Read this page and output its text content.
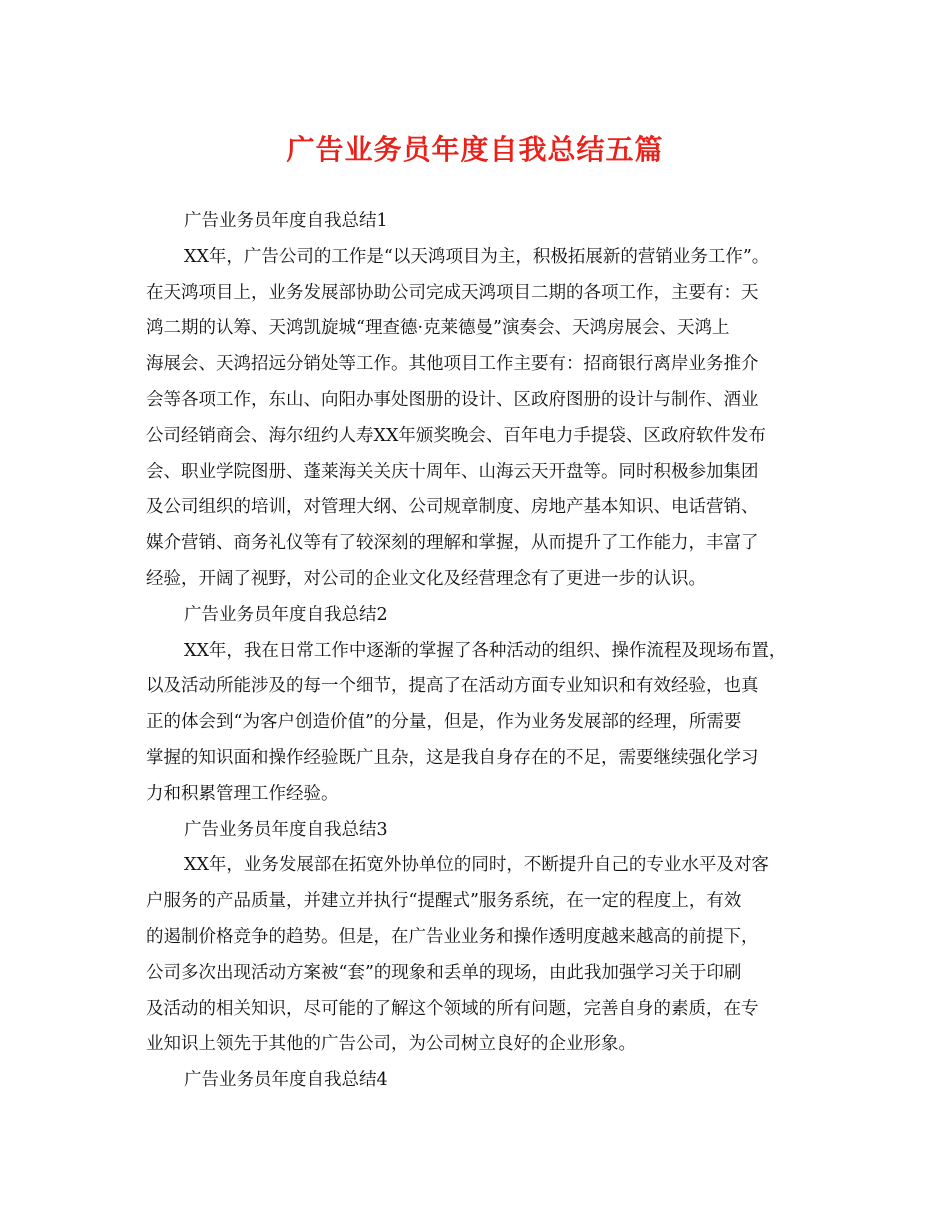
广告业务员年度自我总结五篇
广告业务员年度自我总结1
XX年，广告公司的工作是“以天鸿项目为主，积极拓展新的营销业务工作”。
在天鸿项目上，业务发展部协助公司完成天鸿项目二期的各项工作，主要有：天
鸿二期的认筹、天鸿凯旋城“理查德·克莱德曼”演奏会、天鸿房展会、天鸿上
海展会、天鸿招远分销处等工作。其他项目工作主要有：招商银行离岸业务推介
会等各项工作，东山、向阳办事处图册的设计、区政府图册的设计与制作、酒业
公司经销商会、海尔纽约人寿XX年颁奖晚会、百年电力手提袋、区政府软件发布
会、职业学院图册、蓬莱海关关庆十周年、山海云天开盘等。同时积极参加集团
及公司组织的培训，对管理大纲、公司规章制度、房地产基本知识、电话营销、
媒介营销、商务礼仪等有了较深刻的理解和掌握，从而提升了工作能力，丰富了
经验，开阔了视野，对公司的企业文化及经营理念有了更进一步的认识。
广告业务员年度自我总结2
XX年，我在日常工作中逐渐的掌握了各种活动的组织、操作流程及现场布置，
以及活动所能涉及的每一个细节，提高了在活动方面专业知识和有效经验，也真
正的体会到“为客户创造价值”的分量，但是，作为业务发展部的经理，所需要
掌握的知识面和操作经验既广且杂，这是我自身存在的不足，需要继续强化学习
力和积累管理工作经验。
广告业务员年度自我总结3
XX年，业务发展部在拓宽外协单位的同时，不断提升自己的专业水平及对客
户服务的产品质量，并建立并执行“提醒式”服务系统，在一定的程度上，有效
的遏制价格竞争的趋势。但是，在广告业业务和操作透明度越来越高的前提下，
公司多次出现活动方案被“套”的现象和丢单的现场，由此我加强学习关于印刷
及活动的相关知识，尽可能的了解这个领域的所有问题，完善自身的素质，在专
业知识上领先于其他的广告公司，为公司树立良好的企业形象。
广告业务员年度自我总结4
